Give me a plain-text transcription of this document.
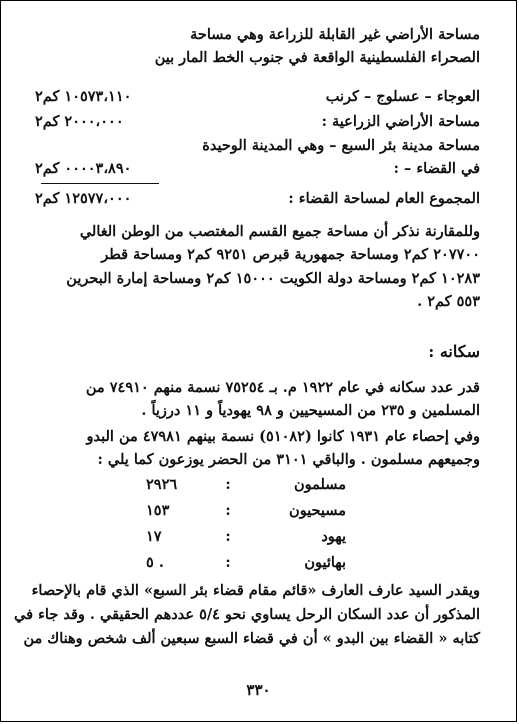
مساحة الأراضي غير القابلة للزراعة وهي مساحة
الصحراء الفلسطينية الواقعة في جنوب الخط المار بين
العوجاء – عسلوج – كرنب
١٠٥٧٣،١١٠ كم٢
مساحة الأراضي الزراعية :
٢٠٠٠،٠٠٠ كم٢
مساحة مدينة بئر السبع – وهي المدينة الوحيدة
في القضاء – :
٠٠٠٠٣،٨٩٠ كم٢
المجموع العام لمساحة القضاء :
١٢٥٧٧،٠٠٠ كم٢
وللمقارنة نذكر أن مساحة جميع القسم المغتصب من الوطن الغالي
٢٠٧٧٠٠ كم٢ ومساحة جمهورية قبرص ٩٢٥١ كم٢ ومساحة قطر
١٠٢٨٣ كم٢ ومساحة دولة الكويت ١٥٠٠٠ كم٢ ومساحة إمارة البحرين
٥٥٣ كم٢ .
سكانه :
قدر عدد سكانه في عام ١٩٢٢ م. بـ ٧٥٢٥٤ نسمة منهم ٧٤٩١٠ من
المسلمين و ٢٣٥ من المسيحيين و ٩٨ يهودياً و ١١ درزياً .
وفي إحصاء عام ١٩٣١ كانوا (٥١٠٨٢) نسمة بينهم ٤٧٩٨١ من البدو
وجميعهم مسلمون . والباقي ٣١٠١ من الحضر يوزعون كما يلي :
مسلمون
:
٢٩٢٦
مسيحيون
:
١٥٣
يهود
:
١٧
بهائيون
:
٥ .
ويقدر السيد عارف العارف «قائم مقام قضاء بئر السبع» الذي قام بالإحصاء
المذكور أن عدد السكان الرحل يساوي نحو ٥/٤ عددهم الحقيقي . وقد جاء في
كتابه « القضاء بين البدو » أن في قضاء السبع سبعين ألف شخص وهناك من
٣٣٠
